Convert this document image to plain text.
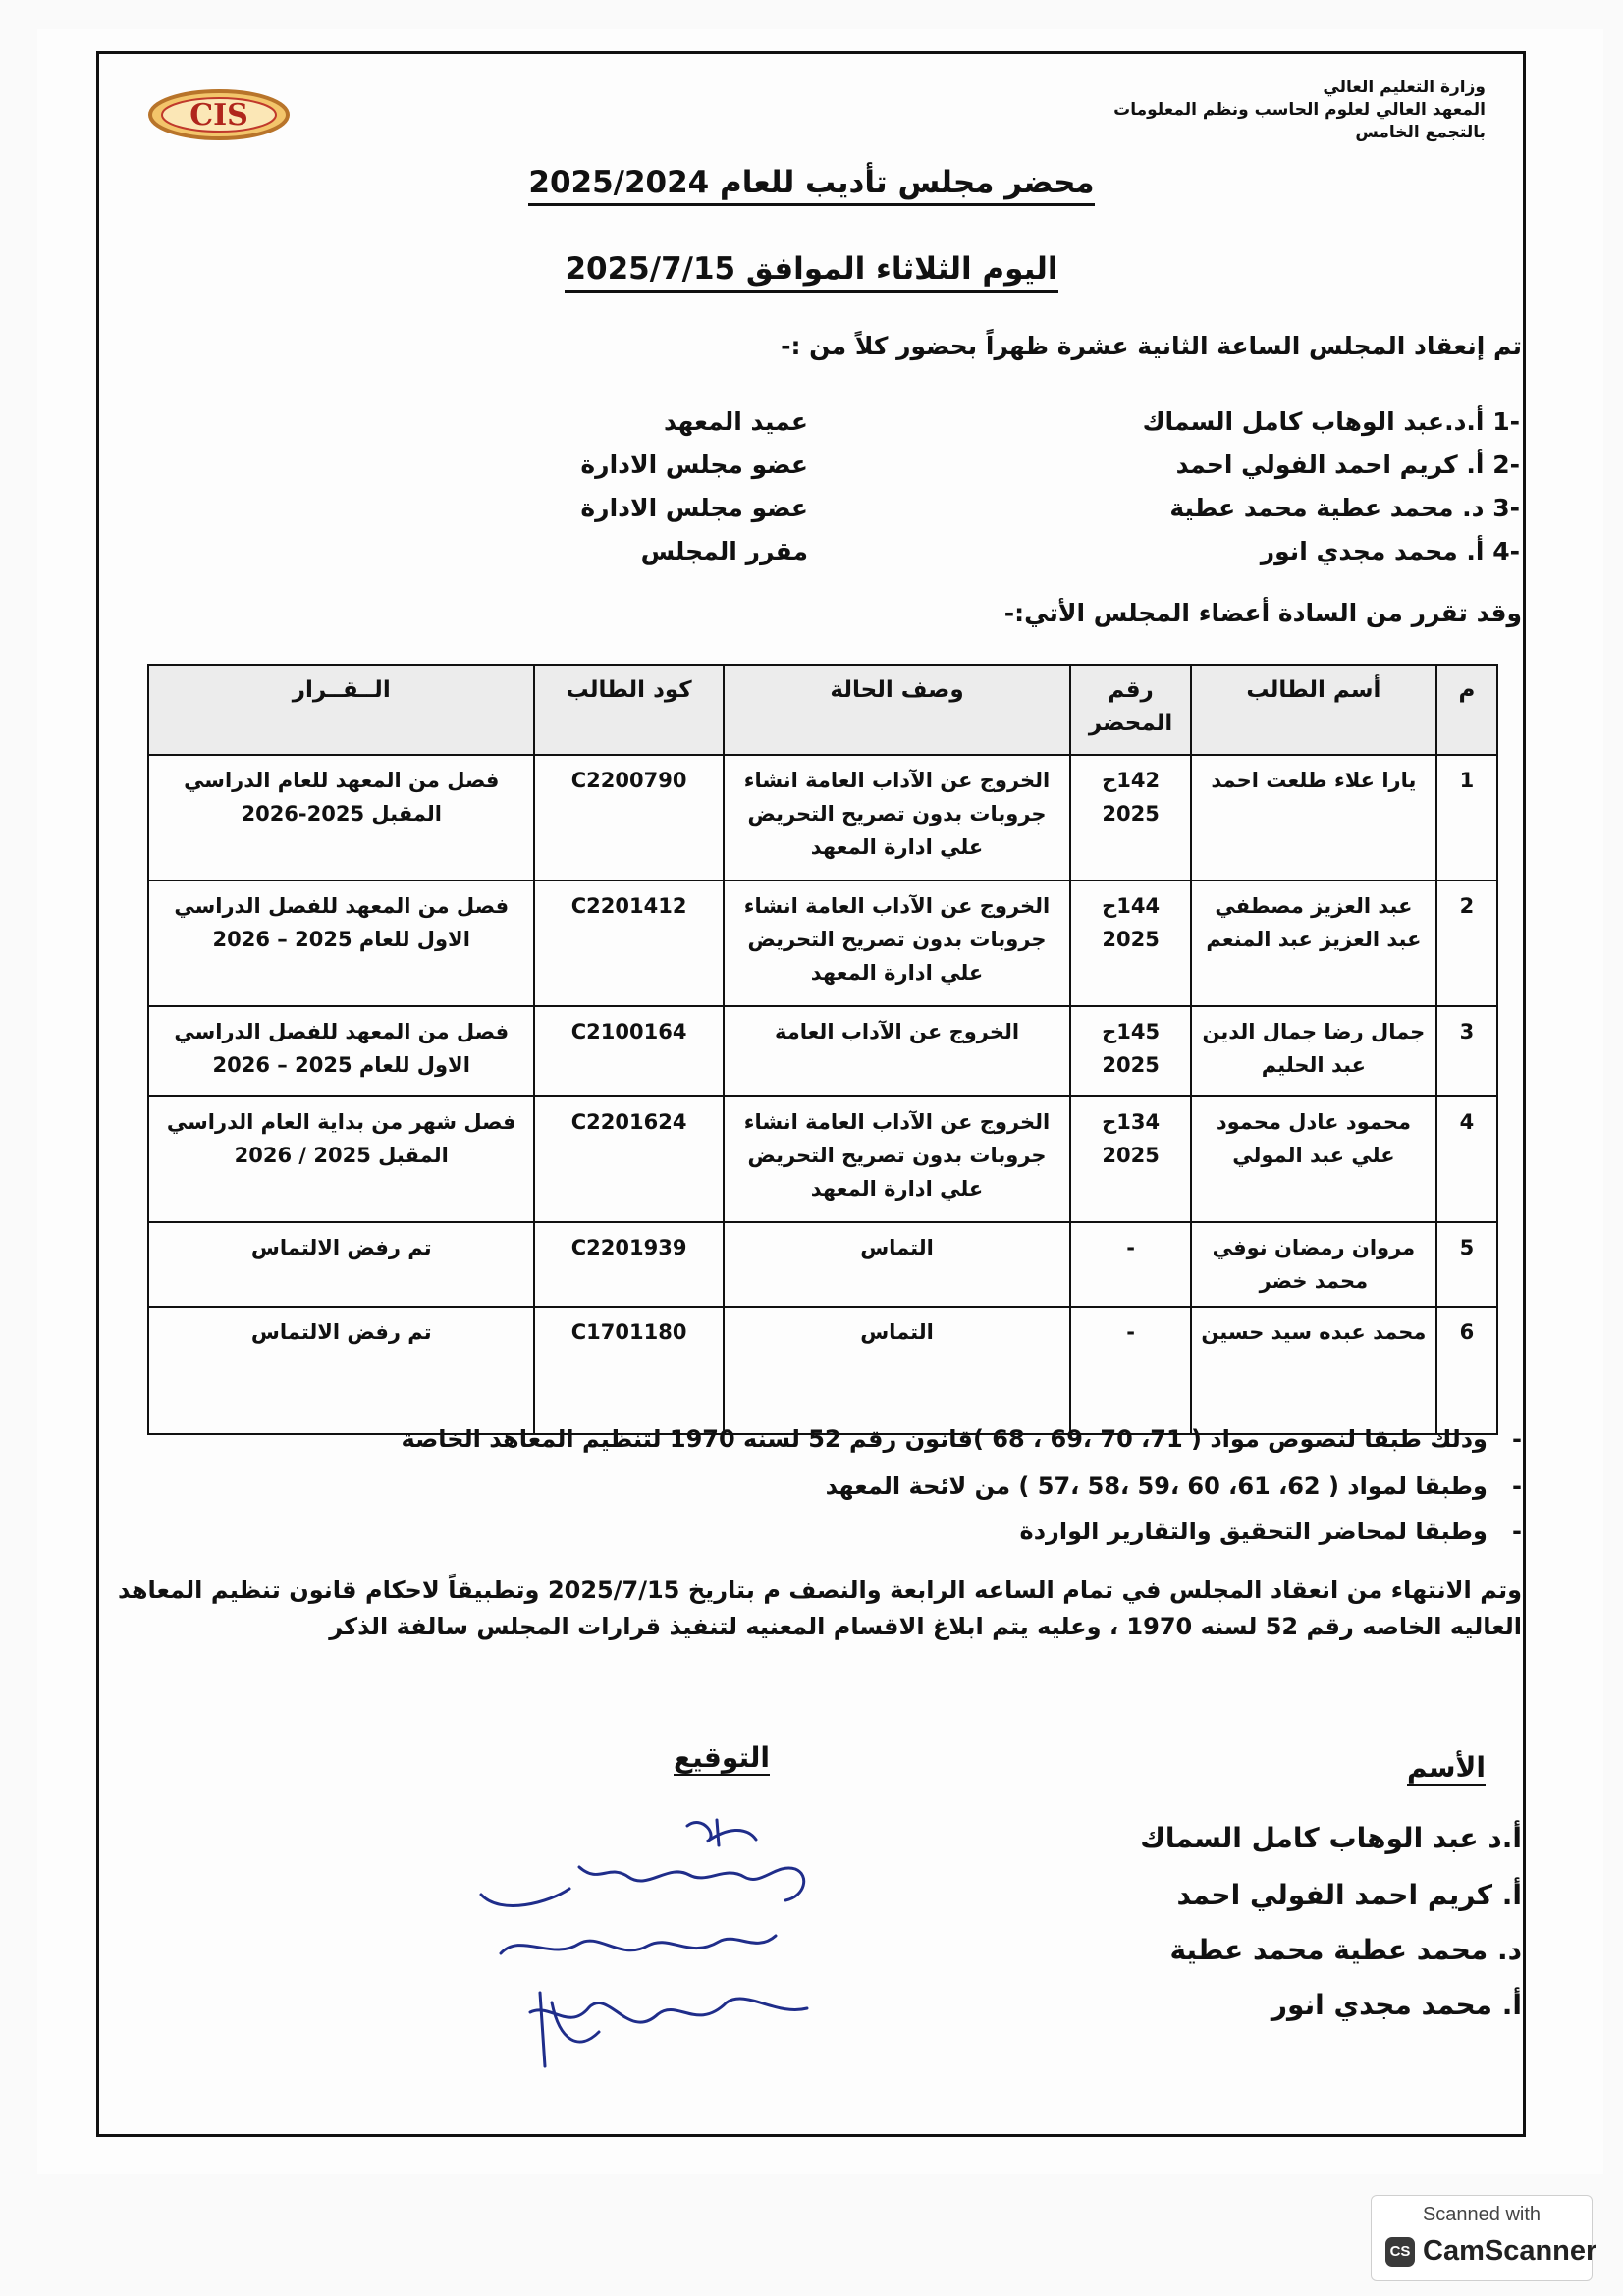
وزارة التعليم العالي
المعهد العالي لعلوم الحاسب ونظم المعلومات
بالتجمع الخامس
CIS
محضر مجلس تأديب للعام 2025/2024
اليوم الثلاثاء الموافق 2025/7/15
تم إنعقاد المجلس الساعة الثانية عشرة ظهراً بحضور كلاً من :-
-1 أ.د.عبد الوهاب كامل السماك
عميد المعهد
-2 أ. كريم احمد الفولي احمد
عضو مجلس الادارة
-3 د. محمد عطية محمد عطية
عضو مجلس الادارة
-4 أ. محمد مجدي انور
مقرر المجلس
وقد تقرر من السادة أعضاء المجلس الأتي:-
م	أسم الطالب	رقم المحضر	وصف الحالة	كود الطالب	الــقــرار
1	يارا علاء طلعت احمد	142ح 2025	الخروج عن الآداب العامة انشاء جروبات بدون تصريح التحريض علي ادارة المعهد	C2200790	فصل من المعهد للعام الدراسي المقبل 2025-2026
2	عبد العزيز مصطفي عبد العزيز عبد المنعم	144ح 2025	الخروج عن الآداب العامة انشاء جروبات بدون تصريح التحريض علي ادارة المعهد	C2201412	فصل من المعهد للفصل الدراسي الاول للعام 2025 – 2026
3	جمال رضا جمال الدين عبد الحليم	145ح 2025	الخروج عن الآداب العامة	C2100164	فصل من المعهد للفصل الدراسي الاول للعام 2025 – 2026
4	محمود عادل محمود علي عبد المولي	134ح 2025	الخروج عن الآداب العامة انشاء جروبات بدون تصريح التحريض علي ادارة المعهد	C2201624	فصل شهر من بداية العام الدراسي المقبل 2025 / 2026
5	مروان رمضان نوفي محمد خضر	-	التماس	C2201939	تم رفض الالتماس
6	محمد عبده سيد حسين	-	التماس	C1701180	تم رفض الالتماس
-   وذلك طبقا لنصوص مواد ( 71، 70 ،69 ، 68 )قانون رقم 52 لسنه 1970 لتنظيم المعاهد الخاصة
-   وطبقا لمواد ( 62، 61، 60 ،59 ،58 ،57 ) من لائحة المعهد
-   وطبقا لمحاضر التحقيق والتقارير الواردة
وتم الانتهاء من انعقاد المجلس في تمام الساعه الرابعة والنصف م بتاريخ 2025/7/15 وتطبيقاً لاحكام قانون تنظيم المعاهد العاليه الخاصه رقم 52 لسنه 1970 ، وعليه يتم ابلاغ الاقسام المعنيه لتنفيذ قرارات المجلس سالفة الذكر
الأسم
التوقيع
أ.د عبد الوهاب كامل السماك
أ. كريم احمد الفولي احمد
د. محمد عطية محمد عطية
أ. محمد مجدي انور
Scanned with
CS CamScanner
